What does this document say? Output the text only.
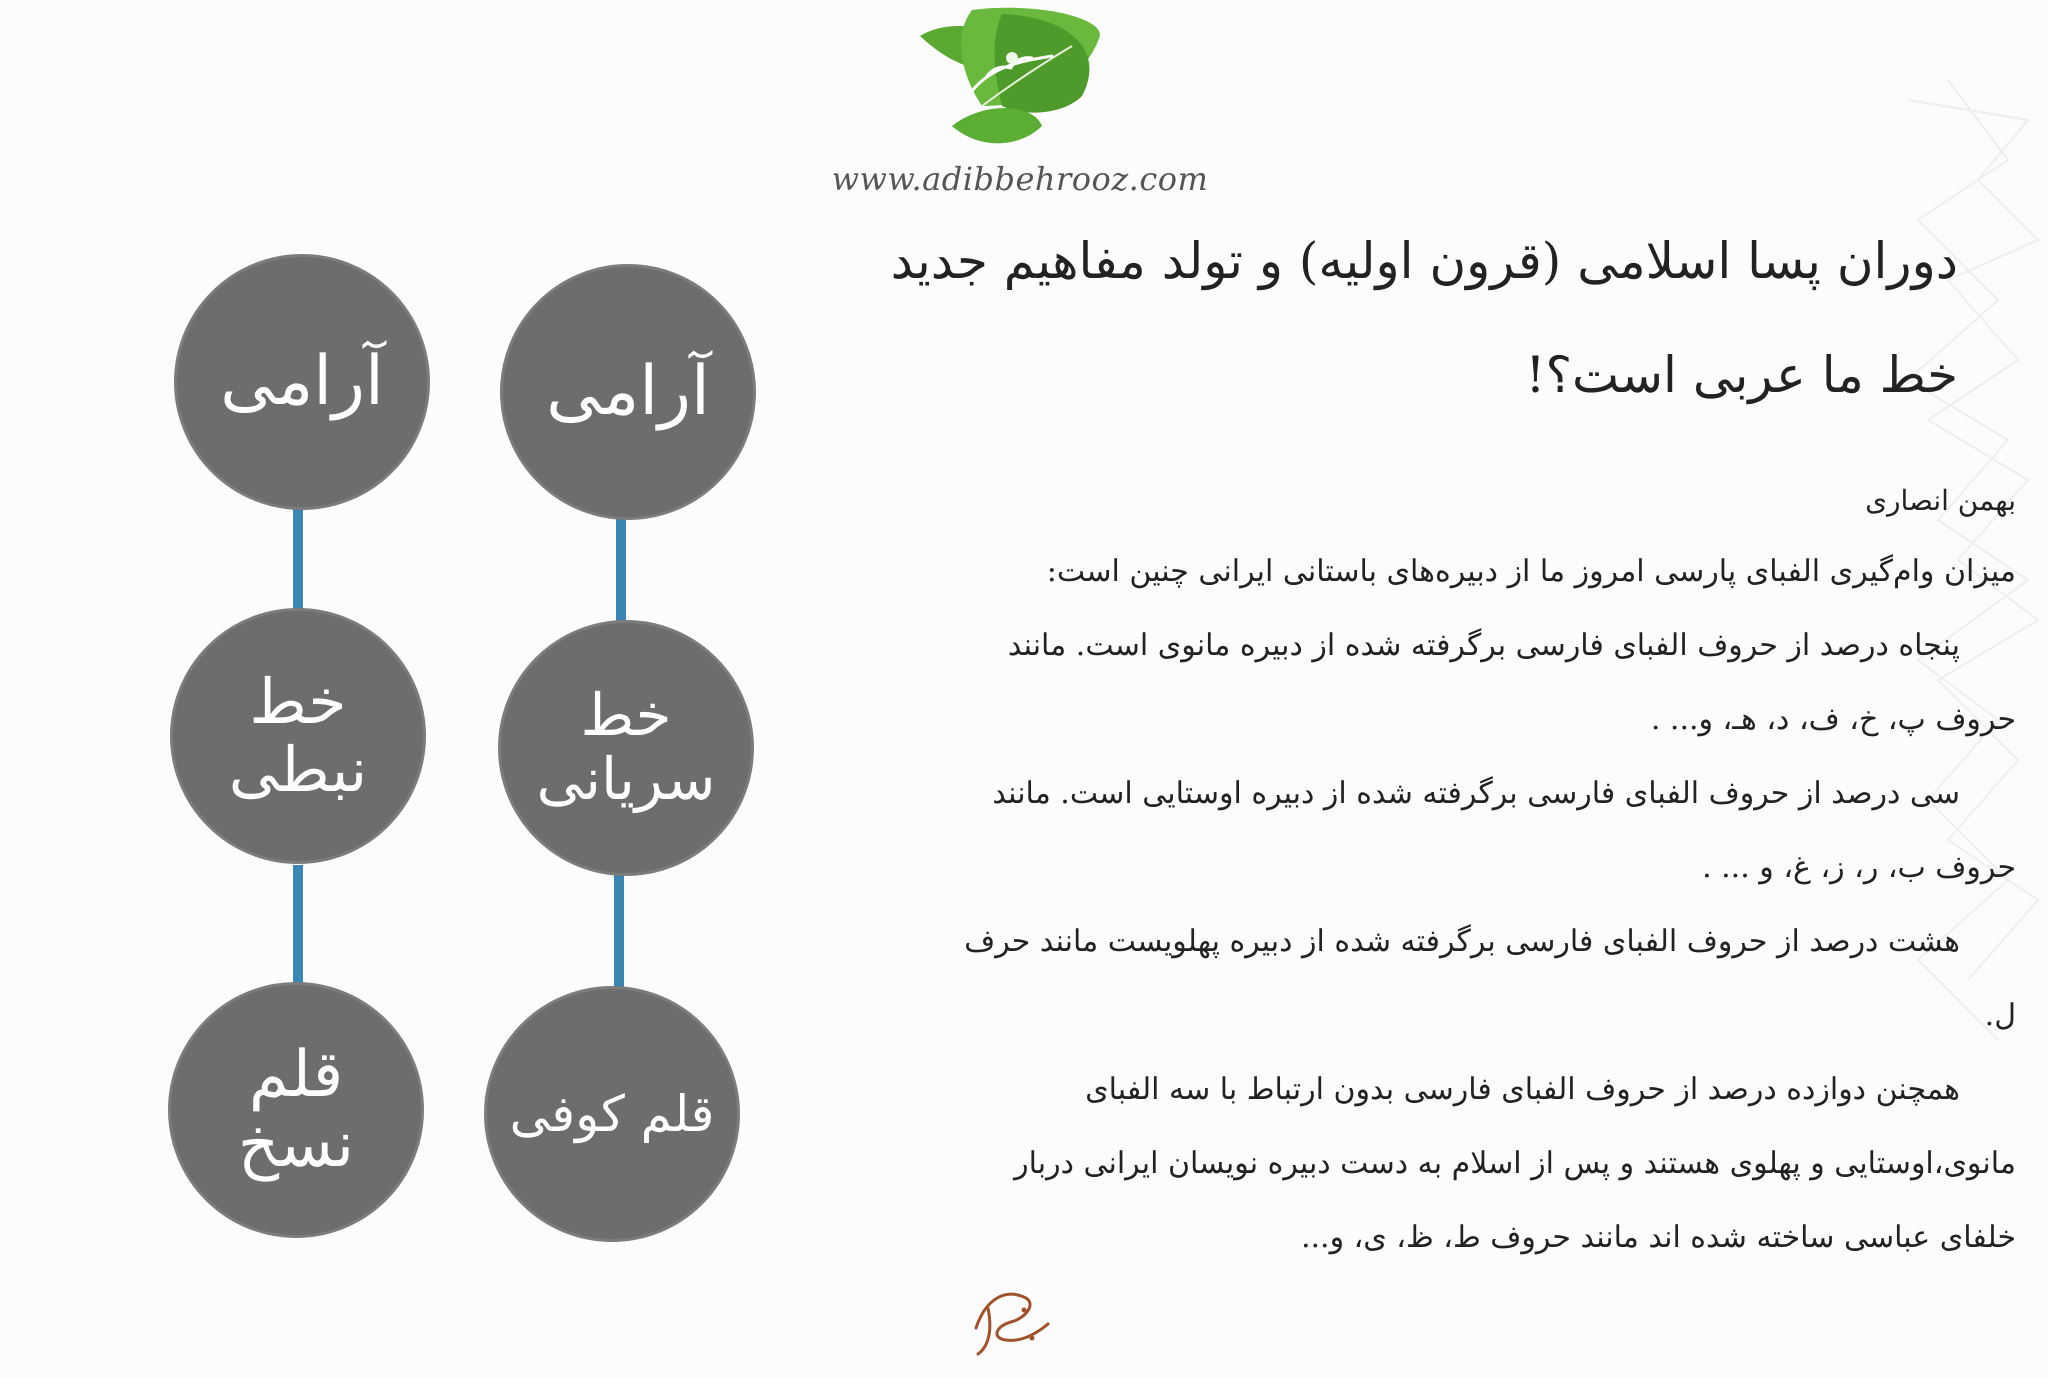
www.adibbehrooz.com
دوران پسا اسلامی (قرون اولیه) و تولد مفاهیم جدید
خط ما عربی است؟!
بهمن انصاری
میزان وام‌گیری الفبای پارسی امروز ما از دبیره‌های باستانی ایرانی چنین است:
پنجاه درصد از حروف الفبای فارسی برگرفته شده از دبیره مانوی است. مانند
حروف پ، خ، ف، د، هـ، و... .
سی درصد از حروف الفبای فارسی برگرفته شده از دبیره اوستایی است. مانند
حروف ب، ر، ز، غ، و ... .
هشت درصد از حروف الفبای فارسی برگرفته شده از دبیره پهلویست مانند حرف
ل.
همچنن دوازده درصد از حروف الفبای فارسی بدون ارتباط با سه الفبای
مانوی،اوستایی و پهلوی هستند و پس از اسلام به دست دبیره نویسان ایرانی دربار
خلفای عباسی ساخته شده اند مانند حروف ط، ظ، ی، و...
آرامی
خط نبطی
قلم نسخ
آرامی
خط سریانی
قلم کوفی
